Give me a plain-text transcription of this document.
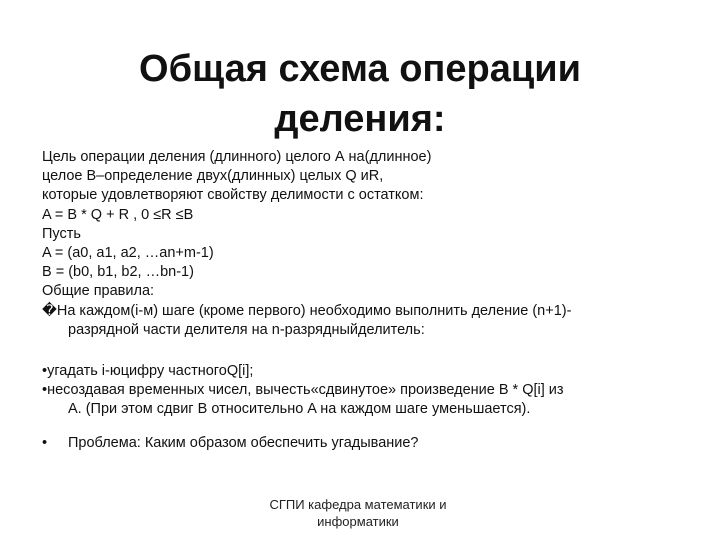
Общая схема операции
деления:
Цель операции деления (длинного) целого А на(длинное)
целое В–определение двух(длинных) целых Q иR,
которые удовлетворяют свойству делимости с остатком:
A = B * Q + R , 0 ≤R ≤B
Пусть
A = (a0, a1, a2, …an+m-1)
B = (b0, b1, b2, …bn-1)
Общие правила:
�На каждом(i-м) шаге (кроме первого) необходимо выполнить деление (n+1)-
разрядной части делителя на n-разрядныйделитель:
•угадать i-юцифру частногоQ[i];
•несоздавая временных чисел, вычесть«сдвинутое» произведение B * Q[i] из
A. (При этом сдвиг B относительно A на каждом шаге уменьшается).
• Проблема: Каким образом обеспечить угадывание?
СГПИ кафедра математики и
информатики
